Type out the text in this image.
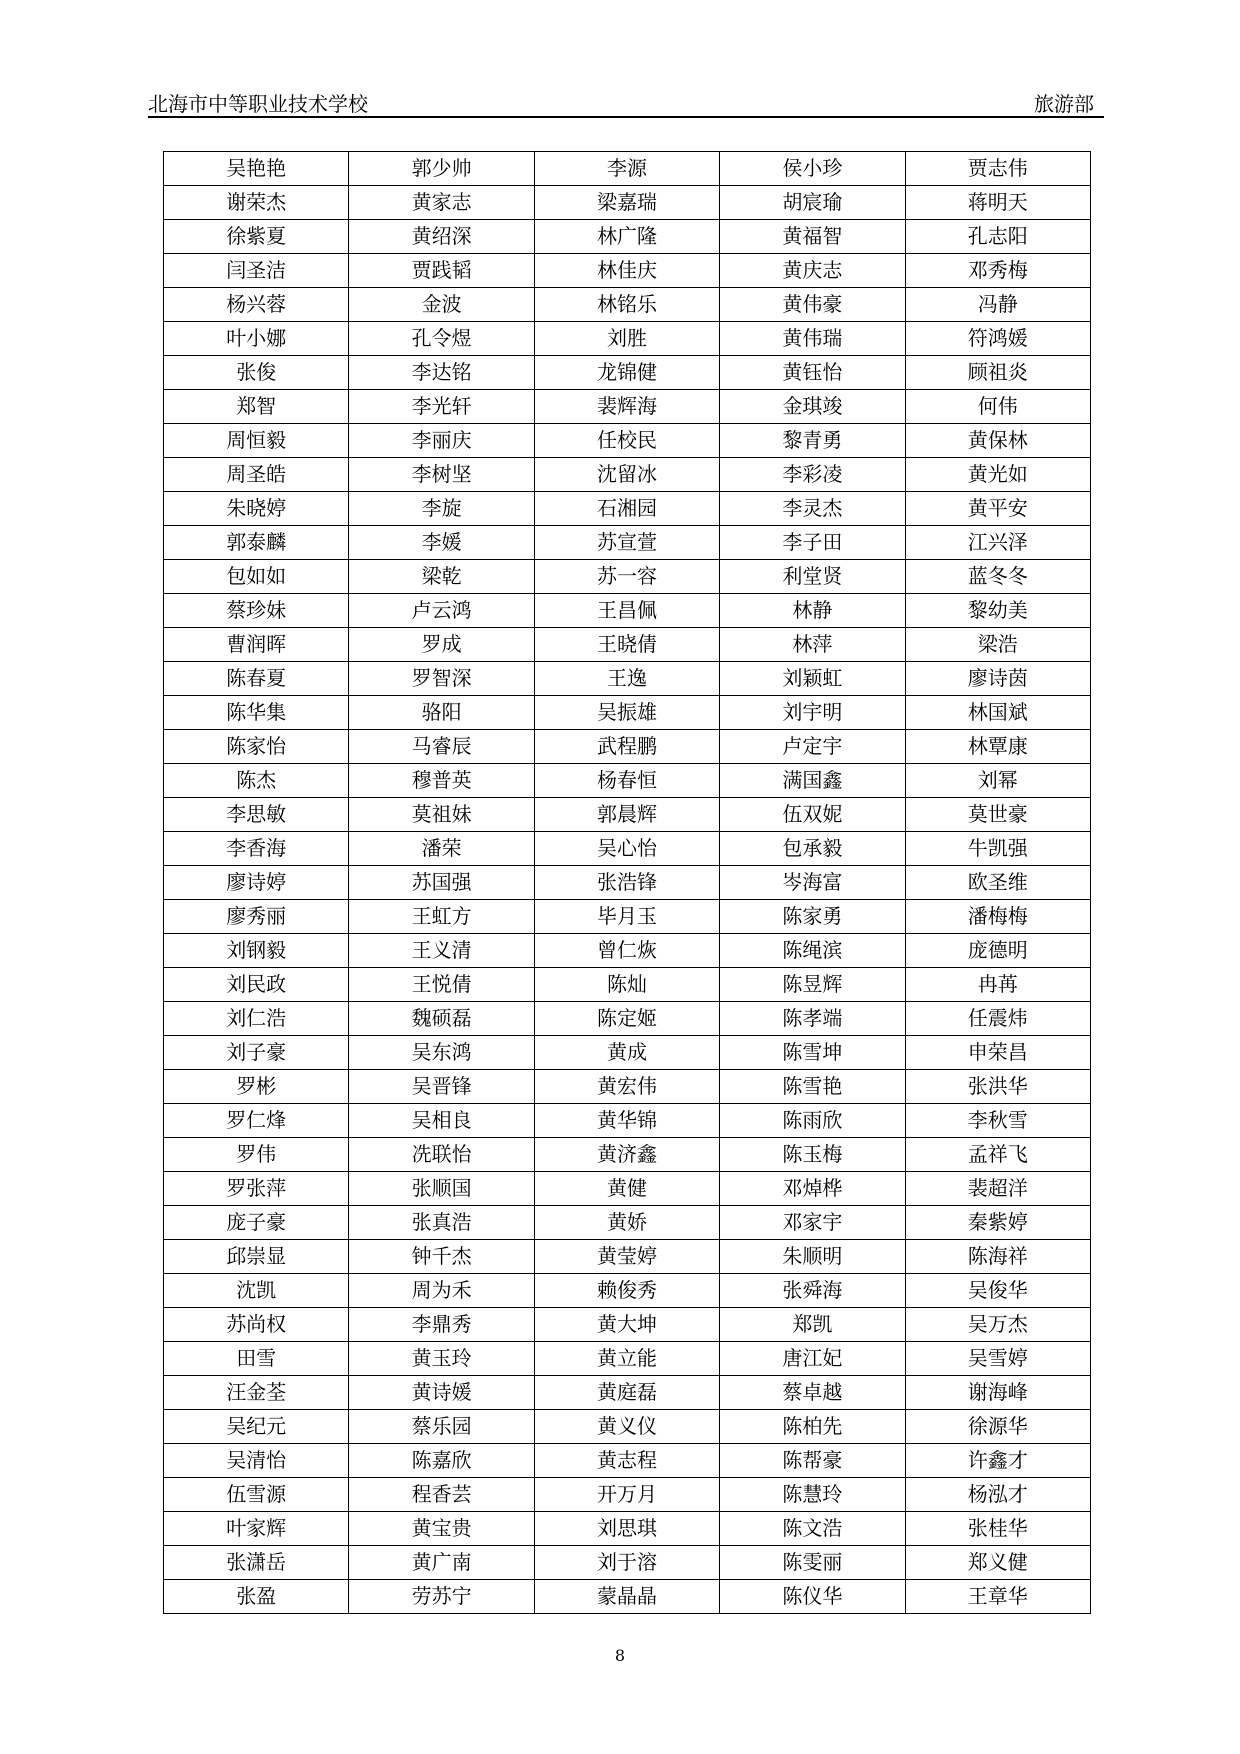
北海市中等职业技术学校	旅游部
吴艳艳	郭少帅	李源	侯小珍	贾志伟
谢荣杰	黄家志	梁嘉瑞	胡宸瑜	蒋明天
徐紫夏	黄绍深	林广隆	黄福智	孔志阳
闫圣洁	贾践韬	林佳庆	黄庆志	邓秀梅
杨兴蓉	金波	林铭乐	黄伟豪	冯静
叶小娜	孔令煜	刘胜	黄伟瑞	符鸿媛
张俊	李达铭	龙锦健	黄钰怡	顾祖炎
郑智	李光轩	裴辉海	金琪竣	何伟
周恒毅	李丽庆	任校民	黎青勇	黄保林
周圣皓	李树坚	沈留冰	李彩凌	黄光如
朱晓婷	李旋	石湘园	李灵杰	黄平安
郭泰麟	李媛	苏宣萱	李子田	江兴泽
包如如	梁乾	苏一容	利堂贤	蓝冬冬
蔡珍妹	卢云鸿	王昌佩	林静	黎幼美
曹润晖	罗成	王晓倩	林萍	梁浩
陈春夏	罗智深	王逸	刘颖虹	廖诗茵
陈华集	骆阳	吴振雄	刘宇明	林国斌
陈家怡	马睿辰	武程鹏	卢定宇	林覃康
陈杰	穆普英	杨春恒	满国鑫	刘幂
李思敏	莫祖妹	郭晨辉	伍双妮	莫世豪
李香海	潘荣	吴心怡	包承毅	牛凯强
廖诗婷	苏国强	张浩锋	岑海富	欧圣维
廖秀丽	王虹方	毕月玉	陈家勇	潘梅梅
刘钢毅	王义清	曾仁烣	陈绳滨	庞德明
刘民政	王悦倩	陈灿	陈昱辉	冉苒
刘仁浩	魏硕磊	陈定姬	陈孝端	任震炜
刘子豪	吴东鸿	黄成	陈雪坤	申荣昌
罗彬	吴晋锋	黄宏伟	陈雪艳	张洪华
罗仁烽	吴相良	黄华锦	陈雨欣	李秋雪
罗伟	冼联怡	黄济鑫	陈玉梅	孟祥飞
罗张萍	张顺国	黄健	邓焯桦	裴超洋
庞子豪	张真浩	黄娇	邓家宇	秦紫婷
邱崇显	钟千杰	黄莹婷	朱顺明	陈海祥
沈凯	周为禾	赖俊秀	张舜海	吴俊华
苏尚权	李鼎秀	黄大坤	郑凯	吴万杰
田雪	黄玉玲	黄立能	唐江妃	吴雪婷
汪金荃	黄诗媛	黄庭磊	蔡卓越	谢海峰
吴纪元	蔡乐园	黄义仪	陈柏先	徐源华
吴清怡	陈嘉欣	黄志程	陈帮豪	许鑫才
伍雪源	程香芸	开万月	陈慧玲	杨泓才
叶家辉	黄宝贵	刘思琪	陈文浩	张桂华
张潇岳	黄广南	刘于溶	陈雯丽	郑义健
张盈	劳苏宁	蒙晶晶	陈仪华	王章华
8
